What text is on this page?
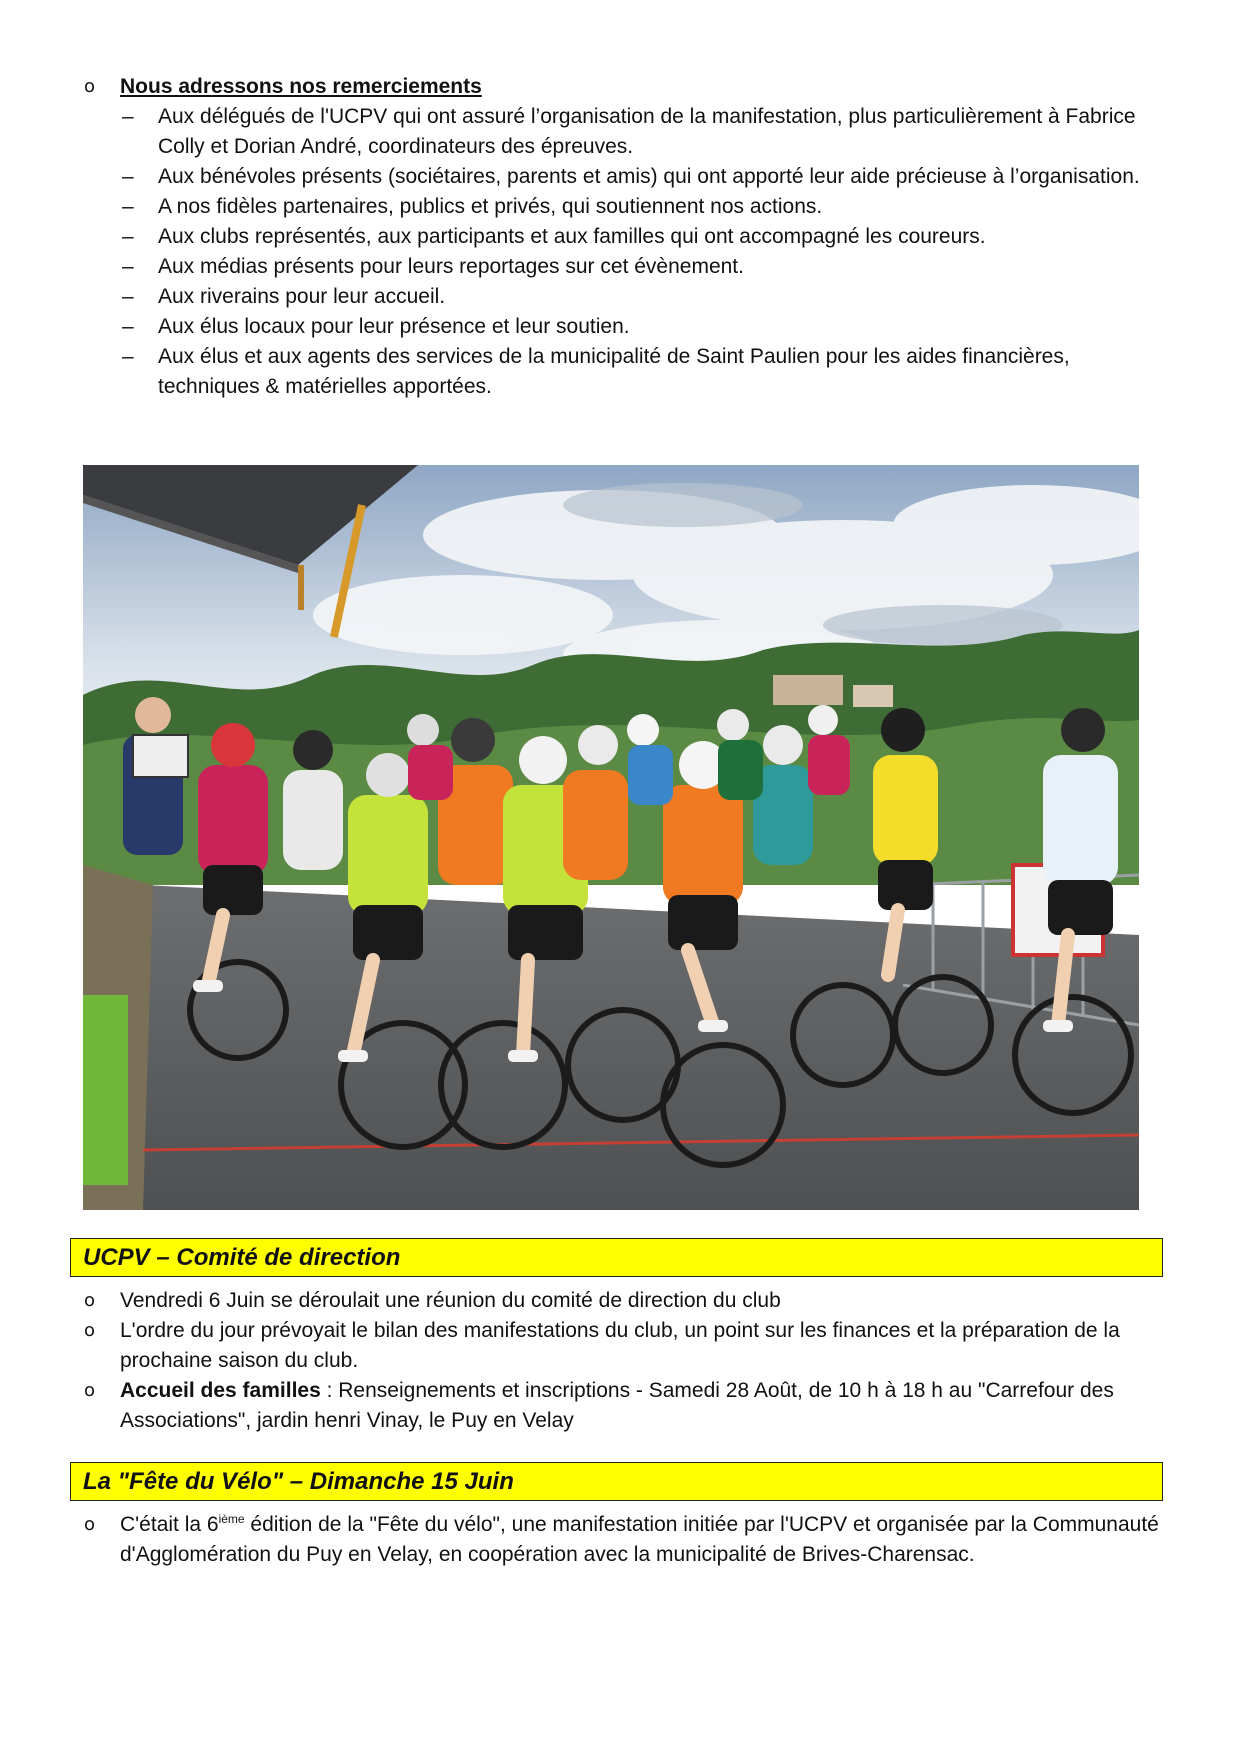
o	Nous adressons nos remerciements
– Aux délégués de l'UCPV qui ont assuré l’organisation de la manifestation, plus particulièrement à Fabrice Colly et Dorian André, coordinateurs des épreuves.
– Aux bénévoles présents (sociétaires, parents et amis) qui ont apporté leur aide précieuse à l’organisation.
– A nos fidèles partenaires, publics et privés, qui soutiennent nos actions.
– Aux clubs représentés, aux participants et aux familles qui ont accompagné les coureurs.
– Aux médias présents pour leurs reportages sur cet évènement.
– Aux riverains pour leur accueil.
– Aux élus locaux pour leur présence et leur soutien.
– Aux élus et aux agents des services de la municipalité de Saint Paulien pour les aides financières, techniques & matérielles apportées.
UCPV – Comité de direction
o	Vendredi 6 Juin se déroulait une réunion du comité de direction du club
o	L'ordre du jour prévoyait le bilan des manifestations du club, un point sur les finances et la préparation de la prochaine saison du club.
o	Accueil des familles : Renseignements et inscriptions - Samedi 28 Août, de 10 h à 18 h au "Carrefour des Associations", jardin henri Vinay, le Puy en Velay
La "Fête du Vélo" – Dimanche 15 Juin
o	C'était la 6ième édition de la "Fête du vélo", une manifestation initiée par l'UCPV et organisée par la Communauté d'Agglomération du Puy en Velay, en coopération avec la municipalité de Brives-Charensac.
